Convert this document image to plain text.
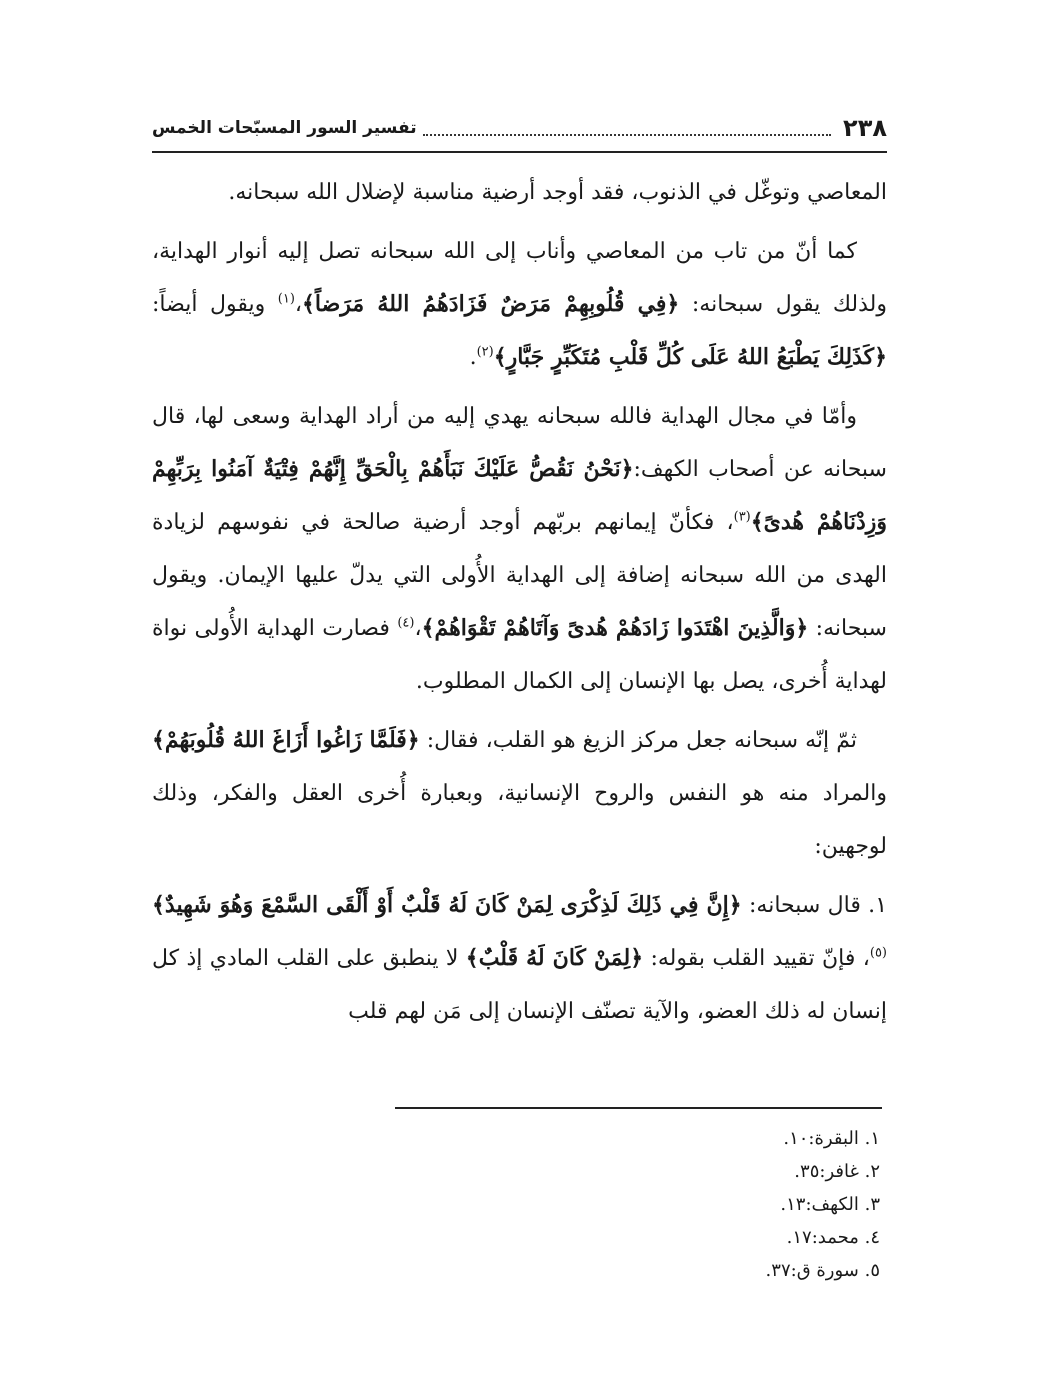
٢٣٨
تفسير السور المسبّحات الخمس

المعاصي وتوغّل في الذنوب، فقد أوجد أرضية مناسبة لإضلال الله سبحانه.

كما أنّ من تاب من المعاصي وأناب إلى الله سبحانه تصل إليه أنوار الهداية، ولذلك يقول سبحانه: ﴿فِي قُلُوبِهِمْ مَرَضٌ فَزَادَهُمُ اللهُ مَرَضاً﴾،$^{(١)}$ ويقول أيضاً: ﴿كَذَلِكَ يَطْبَعُ اللهُ عَلَى كُلِّ قَلْبِ مُتَكَبِّرٍ جَبَّارٍ﴾$^{(٢)}$.

وأمّا في مجال الهداية فالله سبحانه يهدي إليه من أراد الهداية وسعى لها، قال سبحانه عن أصحاب الكهف:﴿نَحْنُ نَقُصُّ عَلَيْكَ نَبَأَهُمْ بِالْحَقِّ إِنَّهُمْ فِتْيَةٌ آمَنُوا بِرَبِّهِمْ وَزِدْنَاهُمْ هُدىً﴾$^{(٣)}$، فكأنّ إيمانهم بربّهم أوجد أرضية صالحة في نفوسهم لزيادة الهدى من الله سبحانه إضافة إلى الهداية الأُولى التي يدلّ عليها الإيمان. ويقول سبحانه: ﴿وَالَّذِينَ اهْتَدَوا زَادَهُمْ هُدىً وَآتَاهُمْ تَقْوَاهُمْ﴾،$^{(٤)}$ فصارت الهداية الأُولى نواة لهداية أُخرى، يصل بها الإنسان إلى الكمال المطلوب.

ثمّ إنّه سبحانه جعل مركز الزيغ هو القلب، فقال: ﴿فَلَمَّا زَاغُوا أَزَاغَ اللهُ قُلُوبَهُمْ﴾ والمراد منه هو النفس والروح الإنسانية، وبعبارة أُخرى العقل والفكر، وذلك لوجهين:

١. قال سبحانه: ﴿إِنَّ فِي ذَلِكَ لَذِكْرَى لِمَنْ كَانَ لَهُ قَلْبٌ أَوْ أَلْقَى السَّمْعَ وَهُوَ شَهِيدٌ﴾$^{(٥)}$، فإنّ تقييد القلب بقوله: ﴿لِمَنْ كَانَ لَهُ قَلْبٌ﴾ لا ينطبق على القلب المادي إذ كل إنسان له ذلك العضو، والآية تصنّف الإنسان إلى مَن لهم قلب

١. البقرة:١٠.
٢. غافر:٣٥.
٣. الكهف:١٣.
٤. محمد:١٧.
٥. سورة ق:٣٧.
